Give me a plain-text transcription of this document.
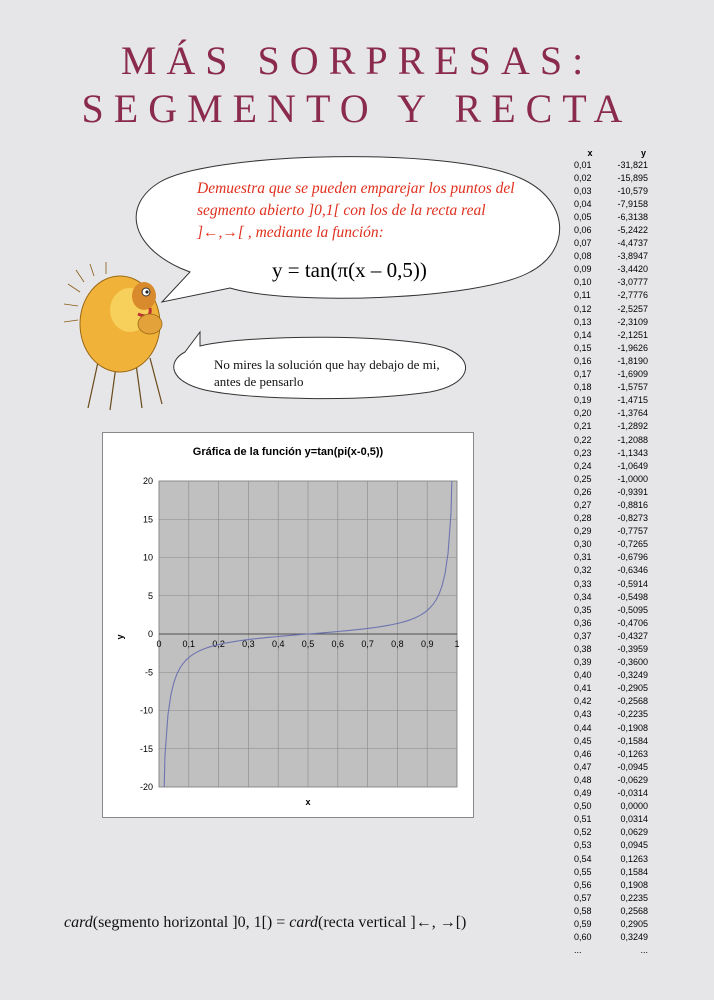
MÁS SORPRESAS:
SEGMENTO Y RECTA
Demuestra que se pueden emparejar los puntos del segmento abierto ]0,1[ con los de la recta real ]←,→[ , mediante la función:
y = tan(π(x – 0,5))
No mires la solución que hay debajo de mi, antes de pensarlo
Gráfica de la función y=tan(pi(x-0,5))
20
15
10
5
0
-5
-10
-15
-20
0 0,1 0,2 0,3 0,4 0,5 0,6 0,7 0,8 0,9 1
y
x
x	y
0,01	-31,821
0,02	-15,895
0,03	-10,579
0,04	-7,9158
0,05	-6,3138
0,06	-5,2422
0,07	-4,4737
0,08	-3,8947
0,09	-3,4420
0,10	-3,0777
0,11	-2,7776
0,12	-2,5257
0,13	-2,3109
0,14	-2,1251
0,15	-1,9626
0,16	-1,8190
0,17	-1,6909
0,18	-1,5757
0,19	-1,4715
0,20	-1,3764
0,21	-1,2892
0,22	-1,2088
0,23	-1,1343
0,24	-1,0649
0,25	-1,0000
0,26	-0,9391
0,27	-0,8816
0,28	-0,8273
0,29	-0,7757
0,30	-0,7265
0,31	-0,6796
0,32	-0,6346
0,33	-0,5914
0,34	-0,5498
0,35	-0,5095
0,36	-0,4706
0,37	-0,4327
0,38	-0,3959
0,39	-0,3600
0,40	-0,3249
0,41	-0,2905
0,42	-0,2568
0,43	-0,2235
0,44	-0,1908
0,45	-0,1584
0,46	-0,1263
0,47	-0,0945
0,48	-0,0629
0,49	-0,0314
0,50	0,0000
0,51	0,0314
0,52	0,0629
0,53	0,0945
0,54	0,1263
0,55	0,1584
0,56	0,1908
0,57	0,2235
0,58	0,2568
0,59	0,2905
0,60	0,3249
...	...
card(segmento horizontal ]0, 1[) = card(recta vertical ]←, →[)
